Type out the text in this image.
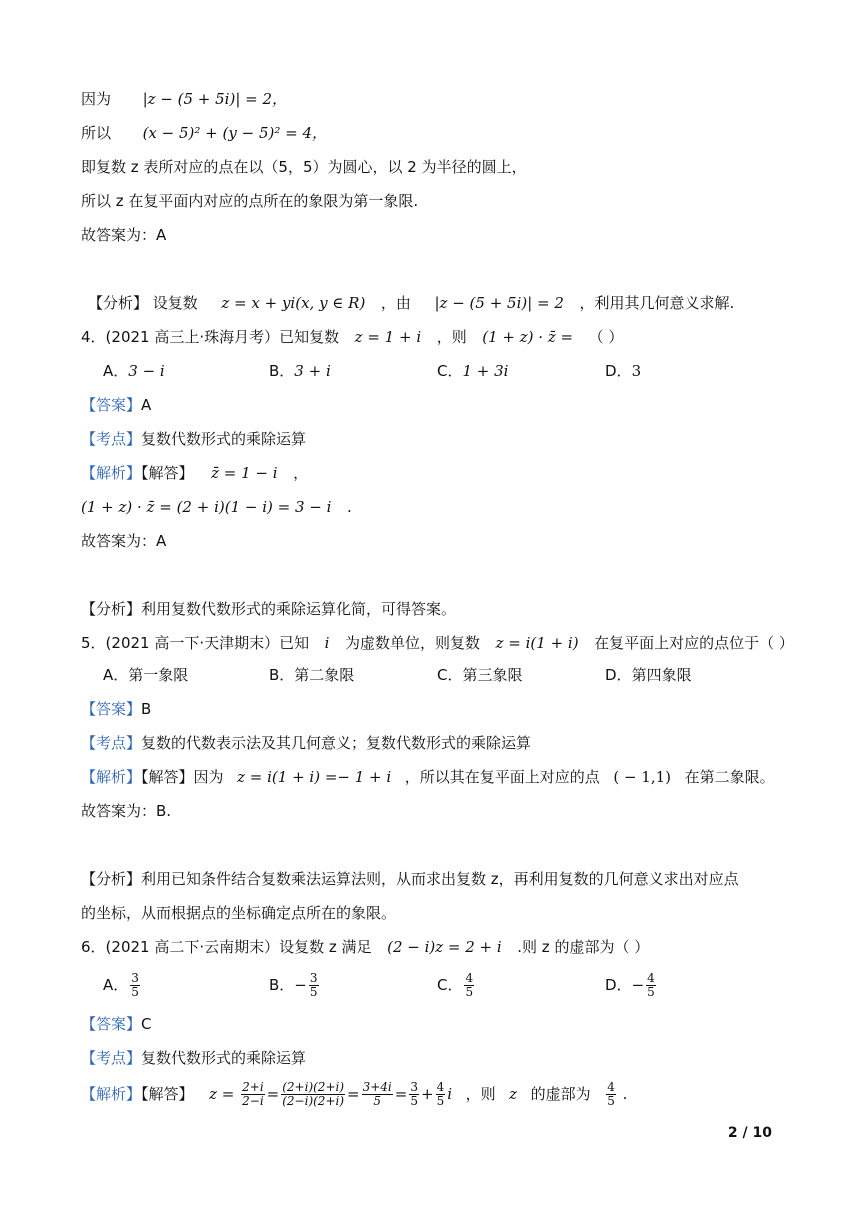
因为 |z − (5 + 5i)| = 2，
所以 (x − 5)² + (y − 5)² = 4，
即复数 z 表所对应的点在以（5，5）为圆心，以 2 为半径的圆上，
所以 z 在复平面内对应的点所在的象限为第一象限.
故答案为：A
【分析】 设复数 z = x + yi(x, y ∈ R) ，由 |z − (5 + 5i)| = 2 ，利用其几何意义求解.
4．(2021 高三上·珠海月考）已知复数 z = 1 + i ，则 (1 + z) · z̄ = （ ）
A．3 − i	B．3 + i	C．1 + 3i	D．3
【答案】A
【考点】复数代数形式的乘除运算
【解析】【解答】 z̄ = 1 − i ，
(1 + z) · z̄ = (2 + i)(1 − i) = 3 − i .
故答案为：A
【分析】利用复数代数形式的乘除运算化简，可得答案。
5．(2021 高一下·天津期末）已知 i 为虚数单位，则复数 z = i(1 + i) 在复平面上对应的点位于（ ）
A．第一象限	B．第二象限	C．第三象限	D．第四象限
【答案】B
【考点】复数的代数表示法及其几何意义；复数代数形式的乘除运算
【解析】【解答】因为 z = i(1 + i) =− 1 + i ，所以其在复平面上对应的点 ( − 1,1) 在第二象限。
故答案为：B.
【分析】利用已知条件结合复数乘法运算法则，从而求出复数 z，再利用复数的几何意义求出对应点
的坐标，从而根据点的坐标确定点所在的象限。
6．(2021 高二下·云南期末）设复数 z 满足 (2 − i)z = 2 + i .则 z 的虚部为（ ）
A． $\frac{3}{5}$	B．− $\frac{3}{5}$	C． $\frac{4}{5}$	D．− $\frac{4}{5}$
【答案】C
【考点】复数代数形式的乘除运算
【解析】【解答】 $z = \frac{2+i}{2-i} = \frac{(2+i)(2+i)}{(2-i)(2+i)} = \frac{3+4i}{5} = \frac{3}{5} + \frac{4}{5}$ i ，则 z 的虚部为 $\frac{4}{5}$ .
2 / 10
